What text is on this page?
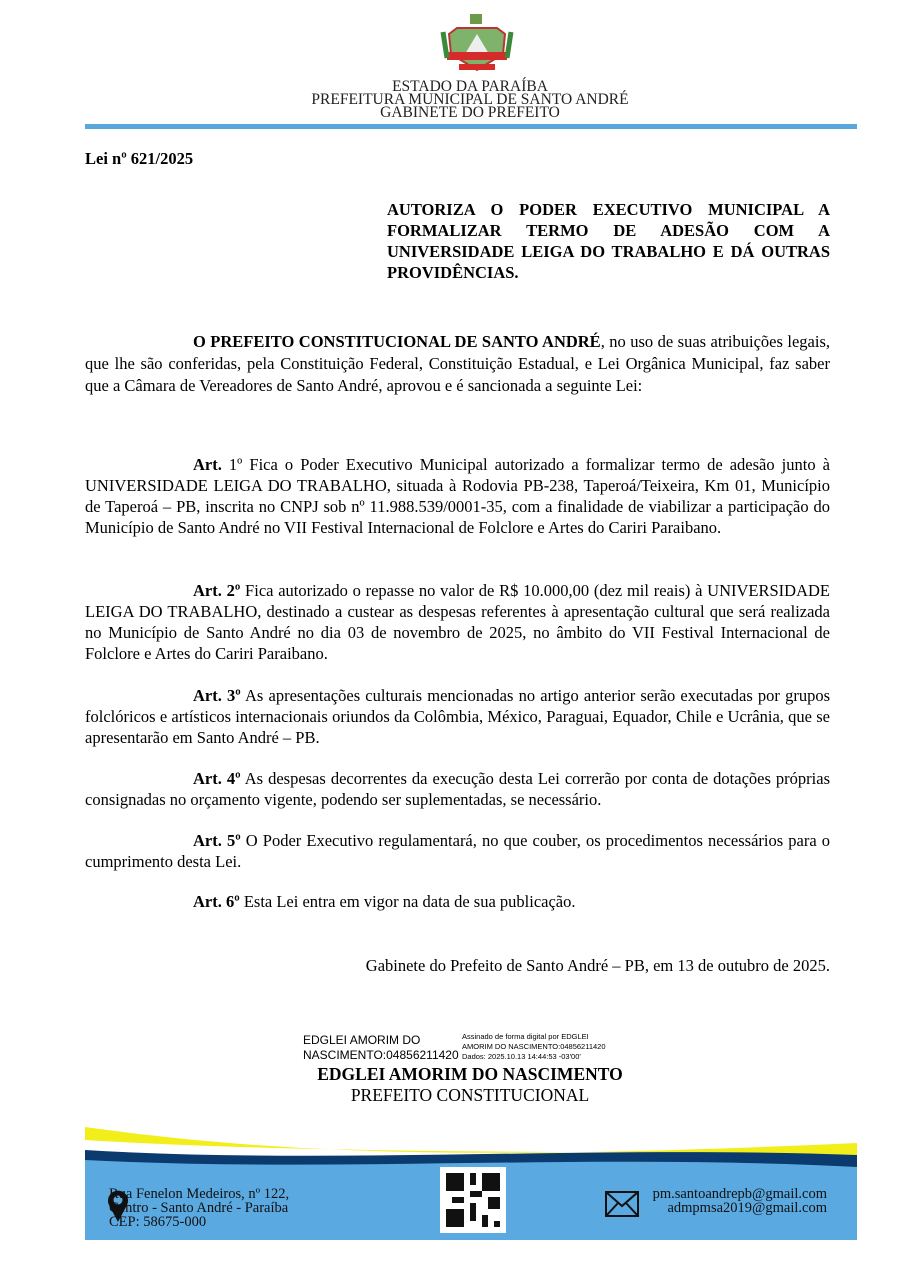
ESTADO DA PARAÍBA
PREFEITURA MUNICIPAL DE SANTO ANDRÉ
GABINETE DO PREFEITO
Lei nº 621/2025
AUTORIZA O PODER EXECUTIVO MUNICIPAL A FORMALIZAR TERMO DE ADESÃO COM A UNIVERSIDADE LEIGA DO TRABALHO E DÁ OUTRAS PROVIDÊNCIAS.
O PREFEITO CONSTITUCIONAL DE SANTO ANDRÉ, no uso de suas atribuições legais, que lhe são conferidas, pela Constituição Federal, Constituição Estadual, e Lei Orgânica Municipal, faz saber que a Câmara de Vereadores de Santo André, aprovou e é sancionada a seguinte Lei:
Art. 1º Fica o Poder Executivo Municipal autorizado a formalizar termo de adesão junto à UNIVERSIDADE LEIGA DO TRABALHO, situada à Rodovia PB-238, Taperoá/Teixeira, Km 01, Município de Taperoá – PB, inscrita no CNPJ sob nº 11.988.539/0001-35, com a finalidade de viabilizar a participação do Município de Santo André no VII Festival Internacional de Folclore e Artes do Cariri Paraibano.
Art. 2º Fica autorizado o repasse no valor de R$ 10.000,00 (dez mil reais) à UNIVERSIDADE LEIGA DO TRABALHO, destinado a custear as despesas referentes à apresentação cultural que será realizada no Município de Santo André no dia 03 de novembro de 2025, no âmbito do VII Festival Internacional de Folclore e Artes do Cariri Paraibano.
Art. 3º As apresentações culturais mencionadas no artigo anterior serão executadas por grupos folclóricos e artísticos internacionais oriundos da Colômbia, México, Paraguai, Equador, Chile e Ucrânia, que se apresentarão em Santo André – PB.
Art. 4º As despesas decorrentes da execução desta Lei correrão por conta de dotações próprias consignadas no orçamento vigente, podendo ser suplementadas, se necessário.
Art. 5º O Poder Executivo regulamentará, no que couber, os procedimentos necessários para o cumprimento desta Lei.
Art. 6º Esta Lei entra em vigor na data de sua publicação.
Gabinete do Prefeito de Santo André – PB, em 13 de outubro de 2025.
EDGLEI AMORIM DO
NASCIMENTO:04856211420
Assinado de forma digital por EDGLEI
AMORIM DO NASCIMENTO:04856211420
Dados: 2025.10.13 14:44:53 -03'00'
EDGLEI AMORIM DO NASCIMENTO
PREFEITO CONSTITUCIONAL
Rua Fenelon Medeiros, nº 122,
Centro - Santo André - Paraíba
CEP: 58675-000
pm.santoandrepb@gmail.com
admpmsa2019@gmail.com
